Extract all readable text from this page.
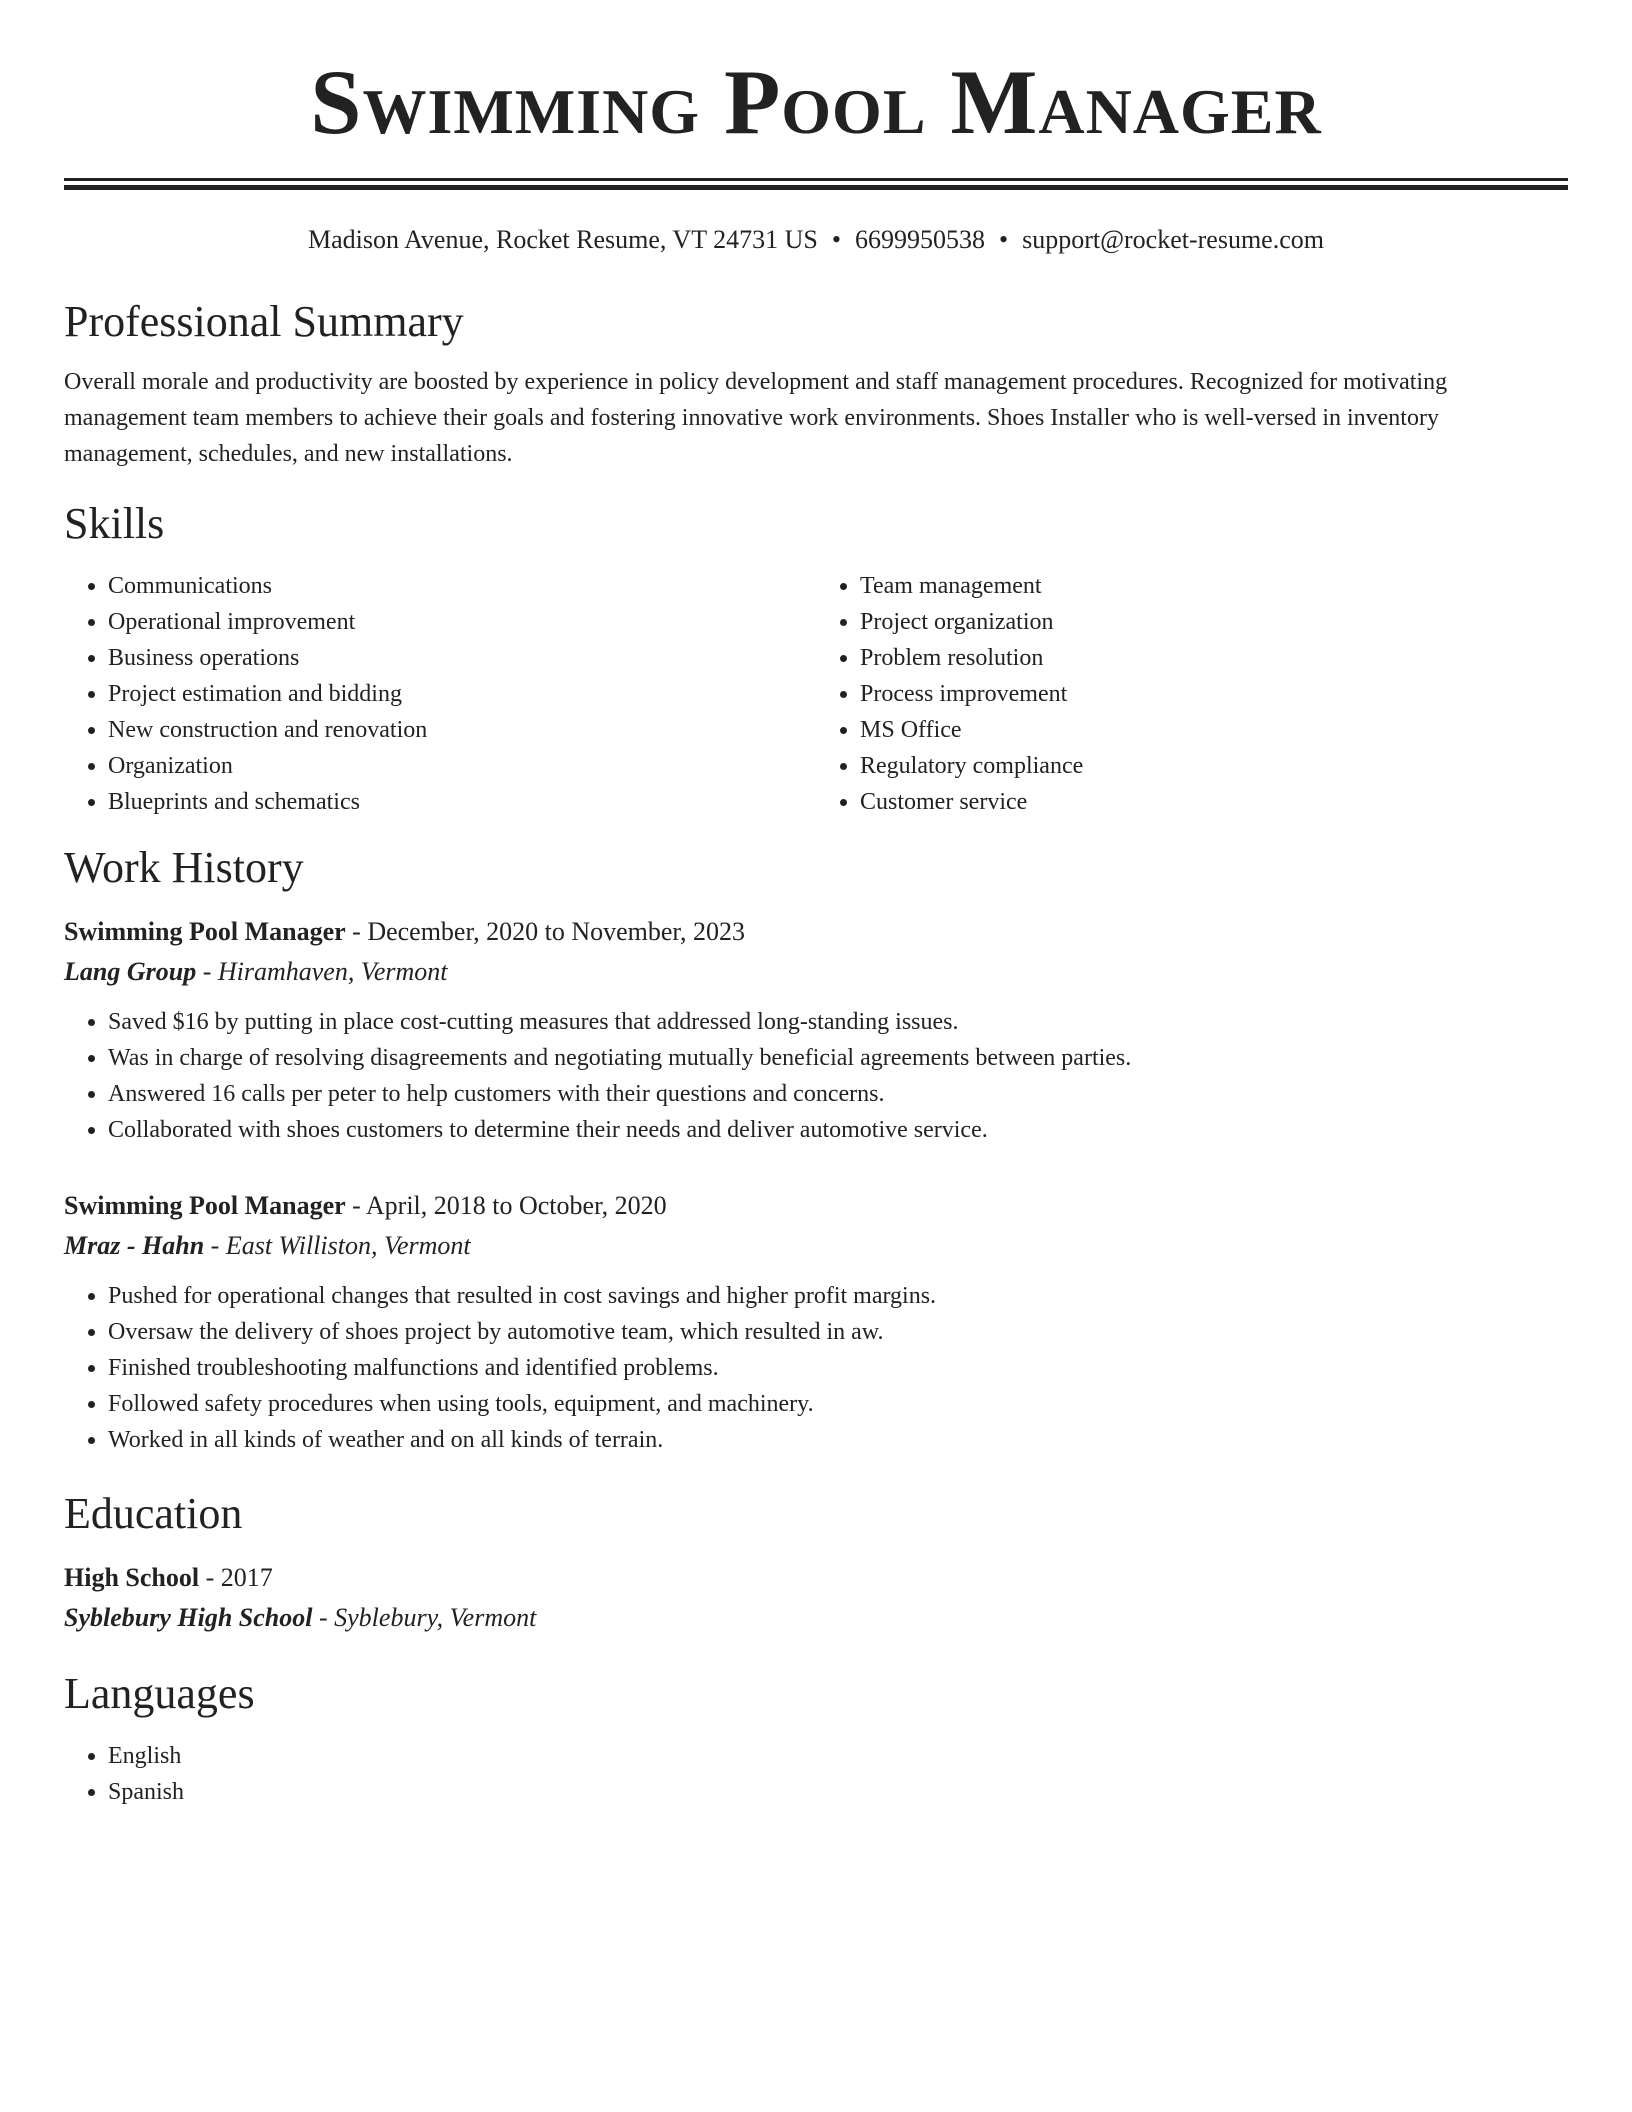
Swimming Pool Manager
Madison Avenue, Rocket Resume, VT 24731 US • 6699950538 • support@rocket-resume.com
Professional Summary
Overall morale and productivity are boosted by experience in policy development and staff management procedures. Recognized for motivating management team members to achieve their goals and fostering innovative work environments. Shoes Installer who is well-versed in inventory management, schedules, and new installations.
Skills
• Communications
• Operational improvement
• Business operations
• Project estimation and bidding
• New construction and renovation
• Organization
• Blueprints and schematics
• Team management
• Project organization
• Problem resolution
• Process improvement
• MS Office
• Regulatory compliance
• Customer service
Work History
Swimming Pool Manager - December, 2020 to November, 2023
Lang Group - Hiramhaven, Vermont
• Saved $16 by putting in place cost-cutting measures that addressed long-standing issues.
• Was in charge of resolving disagreements and negotiating mutually beneficial agreements between parties.
• Answered 16 calls per peter to help customers with their questions and concerns.
• Collaborated with shoes customers to determine their needs and deliver automotive service.
Swimming Pool Manager - April, 2018 to October, 2020
Mraz - Hahn - East Williston, Vermont
• Pushed for operational changes that resulted in cost savings and higher profit margins.
• Oversaw the delivery of shoes project by automotive team, which resulted in aw.
• Finished troubleshooting malfunctions and identified problems.
• Followed safety procedures when using tools, equipment, and machinery.
• Worked in all kinds of weather and on all kinds of terrain.
Education
High School - 2017
Syblebury High School - Syblebury, Vermont
Languages
• English
• Spanish
